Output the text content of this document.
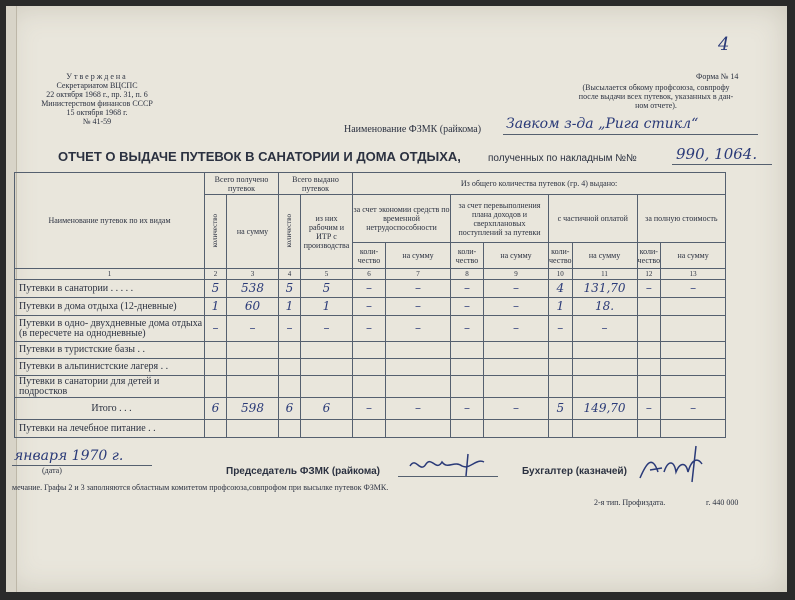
4
Утверждена
Секретариатом ВЦСПС
22 октября 1968 г., пр. 31, п. 6
Министерством финансов СССР
15 октября 1968 г.
№ 41-59
Форма № 14
(Высылается обкому профсоюза, совпрофу
после выдачи всех путевок, указанных в дан-
ном отчете).
Наименование ФЗМК (райкома) Завком з-да „Рига стикл“
ОТЧЕТ О ВЫДАЧЕ ПУТЕВОК В САНАТОРИИ И ДОМА ОТДЫХА,	полученных по накладным №№	990, 1064.
Наименование путевок по их видам	Всего получено путевок		Всего выдано путевок		Из общего количества путевок (гр. 4) выдано:							
	количество	на сумму	количество	из них рабочим и ИТР с производства	за счет экономии средств по временной нетрудоспособности		за счет перевыполнения плана доходов и сверхплановых поступлений за путевки		с частичной оплатой		за полную стоимость	
					коли-чество	на сумму	коли-чество	на сумму	коли-чество	на сумму	коли-чество	на сумму
1	2	3	4	5	6	7	8	9	10	11	12	13
Путевки в санатории . . . . .	5	538	5	5	–	–	–	–	4	131,70	–	–
Путевки в дома отдыха (12-дневные)	1	60	1	1	–	–	–	–	1	18.		
Путевки в одно- двухдневные дома отдыха (в пересчете на однодневные)	–	–	–	–	–	–	–	–	–	–		
Путевки в туристские базы . .												
Путевки в альпинистские лагеря . .												
Путевки в санатории для детей и подростков												
Итого . . .	6	598	6	6	–	–	–	–	5	149,70	–	–
Путевки на лечебное питание . .												
января 1970 г.
(дата)	Председатель ФЗМК (райкома)	Бухгалтер (казначей)
мечание. Графы 2 и 3 заполняются областным комитетом профсоюза,совпрофом при высылке путевок ФЗМК.
2-я тип. Профиздата.	г. 440 000
